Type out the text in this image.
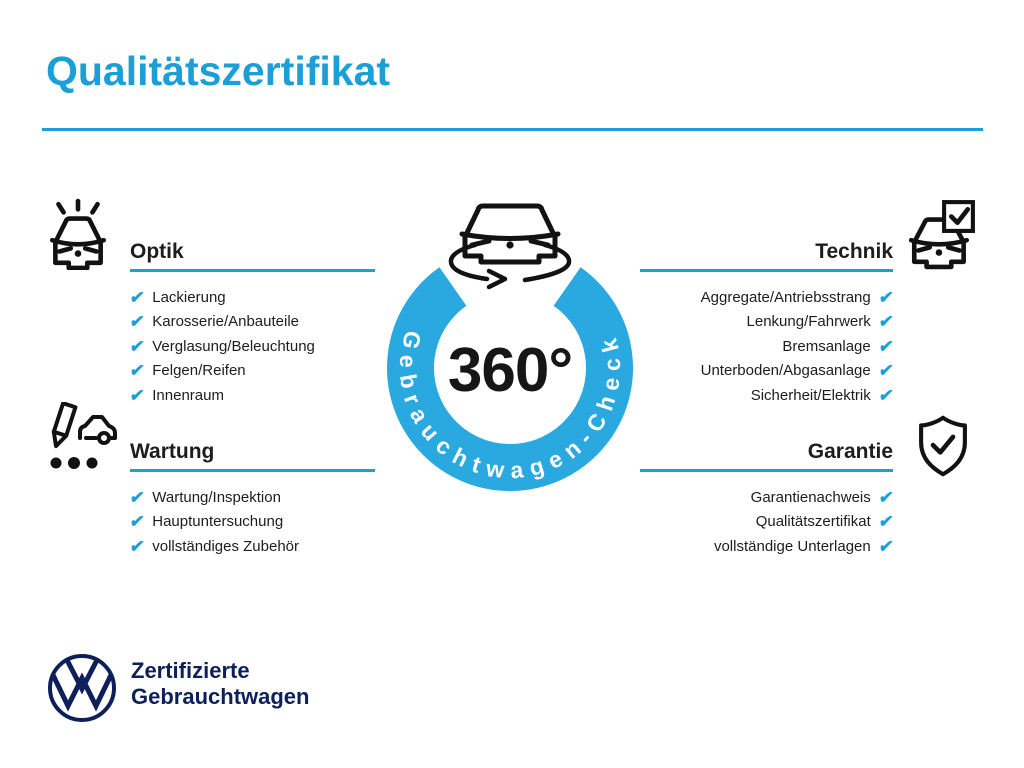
Qualitätszertifikat
Optik
✔ Lackierung
✔ Karosserie/Anbauteile
✔ Verglasung/Beleuchtung
✔ Felgen/Reifen
✔ Innenraum
Wartung
✔ Wartung/Inspektion
✔ Hauptuntersuchung
✔ vollständiges Zubehör
Technik
✔
Aggregate/Antriebsstrang
✔
Lenkung/Fahrwerk
✔
Bremsanlage
✔
Unterboden/Abgasanlage
✔
Sicherheit/Elektrik
Garantie
✔
Garantienachweis
✔
Qualitätszertifikat
✔
vollständige Unterlagen
Gebrauchtwagen-Check
360°
Zertifizierte
Gebrauchtwagen
